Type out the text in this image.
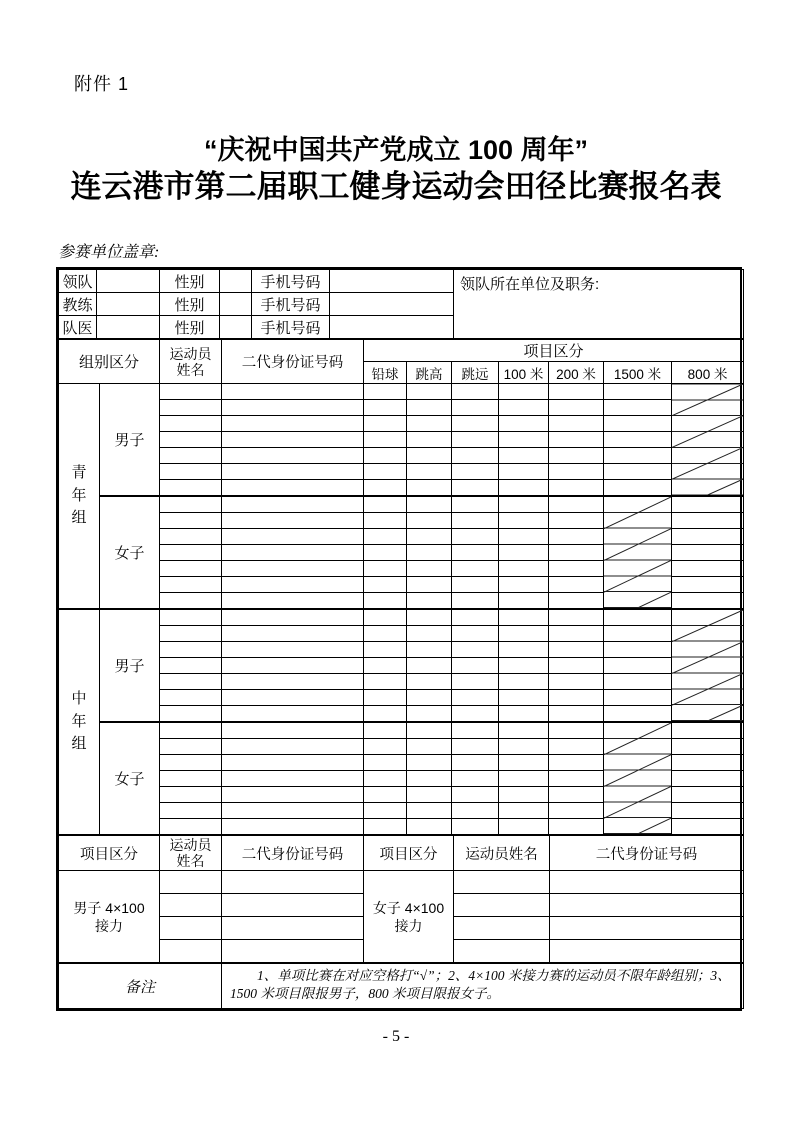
附件 1
“庆祝中国共产党成立 100 周年”
连云港市第二届职工健身运动会田径比赛报名表
参赛单位盖章:
领队		性别		手机号码		领队所在单位及职务:
教练		性别		手机号码		
队医		性别		手机号码		
组别区分		运动员姓名	二代身份证号码	项目区分						
				铅球	跳高	跳远	100 米	200 米	1500 米	800 米

青年组	男子									

	女子								

中年组	男子									

	女子								

项目区分	运动员姓名	二代身份证号码	项目区分	运动员姓名	二代身份证号码
男子 4×100 接力			女子 4×100 接力		

备注		1、单项比赛在对应空格打“√”；2、4×100 米接力赛的运动员不限年龄组别；3、1500 米项目限报男子，800 米项目限报女子。			
- 5 -
